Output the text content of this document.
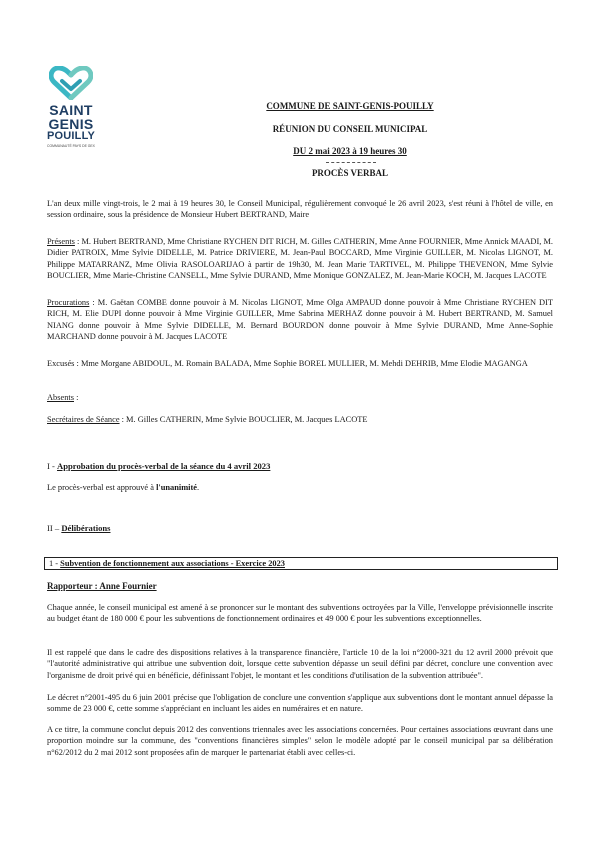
SAINT
GENIS
POUILLY
COMMUNAUTÉ PAYS DE GEX
COMMUNE DE SAINT-GENIS-POUILLY
RÉUNION DU CONSEIL MUNICIPAL
DU 2 mai 2023 à 19 heures 30
PROCÈS VERBAL

L'an deux mille vingt-trois, le 2 mai à 19 heures 30, le Conseil Municipal, régulièrement convoqué le 26 avril 2023, s'est réuni à l'hôtel de ville, en session ordinaire, sous la présidence de Monsieur Hubert BERTRAND, Maire

Présents : M. Hubert BERTRAND, Mme Christiane RYCHEN DIT RICH, M. Gilles CATHERIN, Mme Anne FOURNIER, Mme Annick MAADI, M. Didier PATROIX, Mme Sylvie DIDELLE, M. Patrice DRIVIERE, M. Jean-Paul BOCCARD, Mme Virginie GUILLER, M. Nicolas LIGNOT, M. Philippe MATARRANZ, Mme Olivia RASOLOARIJAO à partir de 19h30, M. Jean Marie TARTIVEL, M. Philippe THEVENON, Mme Sylvie BOUCLIER, Mme Marie-Christine CANSELL, Mme Sylvie DURAND, Mme Monique GONZALEZ, M. Jean-Marie KOCH, M. Jacques LACOTE

Procurations : M. Gaëtan COMBE donne pouvoir à M. Nicolas LIGNOT, Mme Olga AMPAUD donne pouvoir à Mme Christiane RYCHEN DIT RICH, M. Elie DUPI donne pouvoir à Mme Virginie GUILLER, Mme Sabrina MERHAZ donne pouvoir à M. Hubert BERTRAND, M. Samuel NIANG donne pouvoir à Mme Sylvie DIDELLE, M. Bernard BOURDON donne pouvoir à Mme Sylvie DURAND, Mme Anne-Sophie MARCHAND donne pouvoir à M. Jacques LACOTE

Excusés : Mme Morgane ABIDOUL, M. Romain BALADA, Mme Sophie BOREL MULLIER, M. Mehdi DEHRIB, Mme Elodie MAGANGA

Absents :

Secrétaires de Séance : M. Gilles CATHERIN, Mme Sylvie BOUCLIER, M. Jacques LACOTE

I - Approbation du procès-verbal de la séance du 4 avril 2023

Le procès-verbal est approuvé à l'unanimité.

II – Délibérations

1 - Subvention de fonctionnement aux associations - Exercice 2023
Rapporteur : Anne Fournier

Chaque année, le conseil municipal est amené à se prononcer sur le montant des subventions octroyées par la Ville, l'enveloppe prévisionnelle inscrite au budget étant de 180 000 € pour les subventions de fonctionnement ordinaires et 49 000 € pour les subventions exceptionnelles.

Il est rappelé que dans le cadre des dispositions relatives à la transparence financière, l'article 10 de la loi n°2000-321 du 12 avril 2000 prévoit que "l'autorité administrative qui attribue une subvention doit, lorsque cette subvention dépasse un seuil défini par décret, conclure une convention avec l'organisme de droit privé qui en bénéficie, définissant l'objet, le montant et les conditions d'utilisation de la subvention attribuée".

Le décret n°2001-495 du 6 juin 2001 précise que l'obligation de conclure une convention s'applique aux subventions dont le montant annuel dépasse la somme de 23 000 €, cette somme s'appréciant en incluant les aides en numéraires et en nature.

A ce titre, la commune conclut depuis 2012 des conventions triennales avec les associations concernées. Pour certaines associations œuvrant dans une proportion moindre sur la commune, des "conventions financières simples" selon le modèle adopté par le conseil municipal par sa délibération n°62/2012 du 2 mai 2012 sont proposées afin de marquer le partenariat établi avec celles-ci.
